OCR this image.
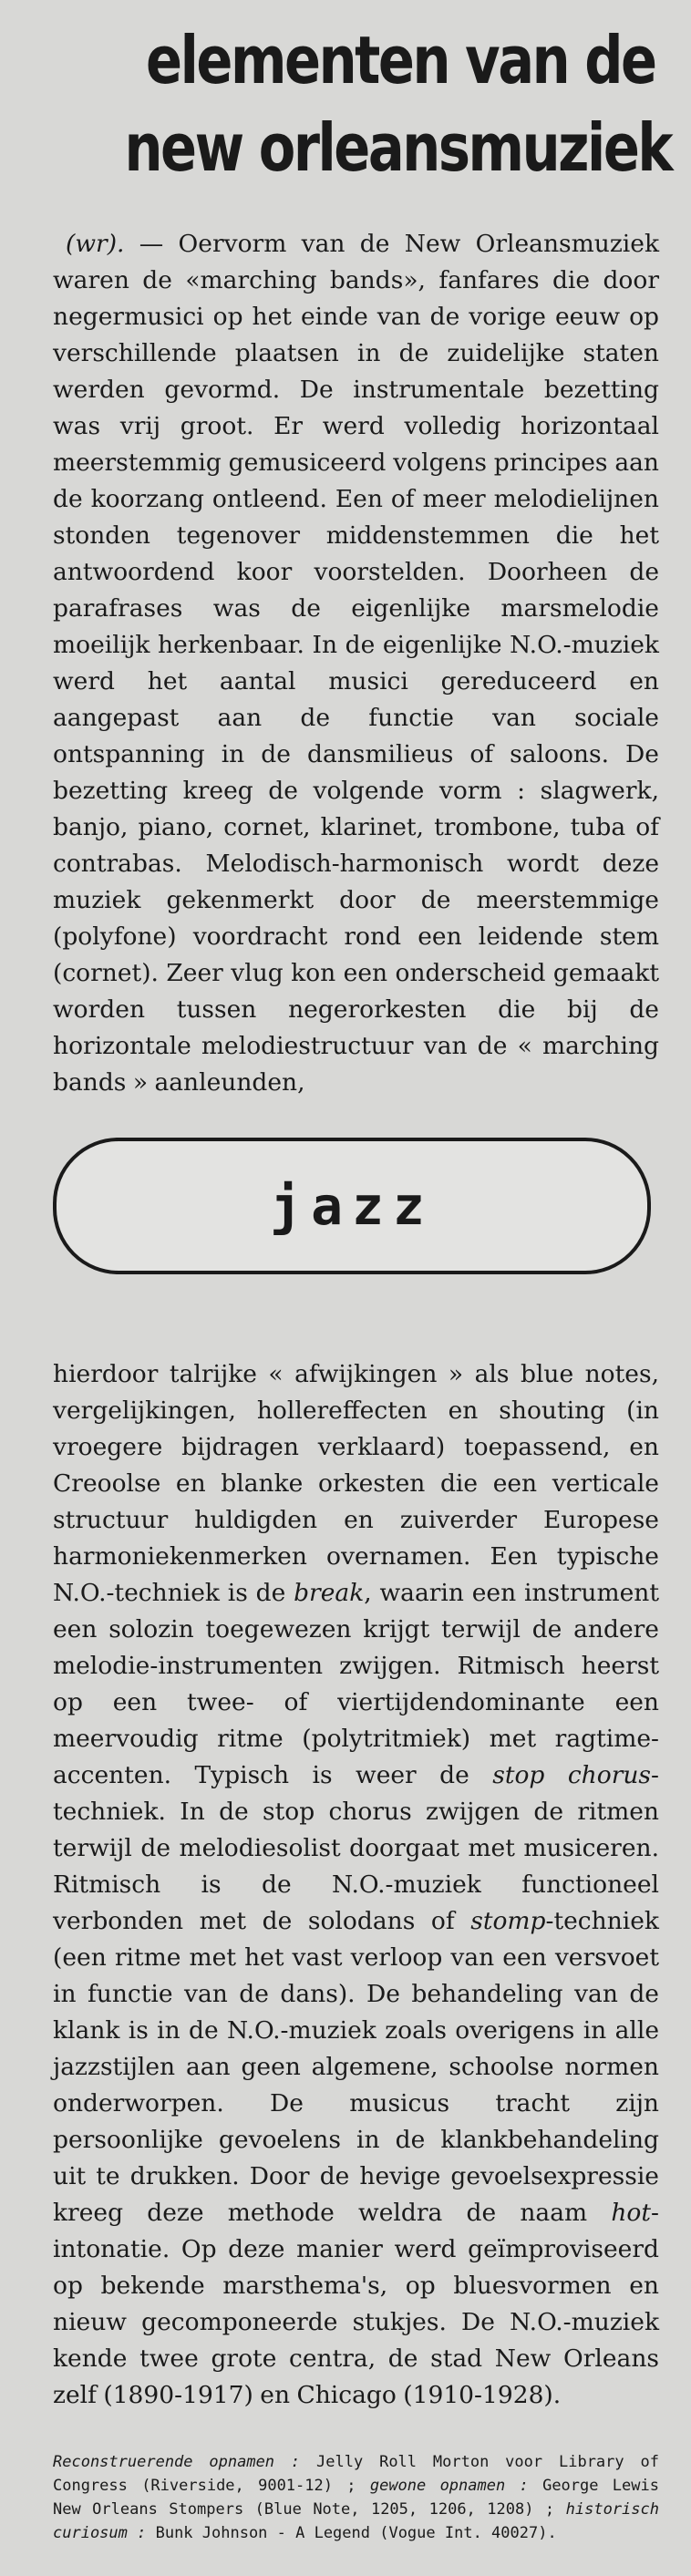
elementen van de
new orleansmuziek

(wr). — Oervorm van de New Orleansmuziek waren de «marching bands», fanfares die door negermusici op het einde van de vorige eeuw op verschillende plaatsen in de zuidelijke staten werden gevormd. De instrumentale bezetting was vrij groot. Er werd volledig horizontaal meerstemmig gemusiceerd volgens principes aan de koorzang ontleend. Een of meer melodielijnen stonden tegenover middenstemmen die het antwoordend koor voorstelden. Doorheen de parafrases was de eigenlijke marsmelodie moeilijk herkenbaar. In de eigenlijke N.O.-muziek werd het aantal musici gereduceerd en aangepast aan de functie van sociale ontspanning in de dansmilieus of saloons. De bezetting kreeg de volgende vorm : slagwerk, banjo, piano, cornet, klarinet, trombone, tuba of contrabas. Melodisch-harmonisch wordt deze muziek gekenmerkt door de meerstemmige (polyfone) voordracht rond een leidende stem (cornet). Zeer vlug kon een onderscheid gemaakt worden tussen negerorkesten die bij de horizontale melodiestructuur van de « marching bands » aanleunden,

jazz

hierdoor talrijke « afwijkingen » als blue notes, vergelijkingen, hollereffecten en shouting (in vroegere bijdragen verklaard) toepassend, en Creoolse en blanke orkesten die een verticale structuur huldigden en zuiverder Europese harmoniekenmerken overnamen. Een typische N.O.-techniek is de break, waarin een instrument een solozin toegewezen krijgt terwijl de andere melodie-instrumenten zwijgen. Ritmisch heerst op een twee- of viertijdendominante een meervoudig ritme (polytritmiek) met ragtime-accenten. Typisch is weer de stop chorus-techniek. In de stop chorus zwijgen de ritmen terwijl de melodiesolist doorgaat met musiceren. Ritmisch is de N.O.-muziek functioneel verbonden met de solodans of stomp-techniek (een ritme met het vast verloop van een versvoet in functie van de dans). De behandeling van de klank is in de N.O.-muziek zoals overigens in alle jazzstijlen aan geen algemene, schoolse normen onderworpen. De musicus tracht zijn persoonlijke gevoelens in de klankbehandeling uit te drukken. Door de hevige gevoelsexpressie kreeg deze methode weldra de naam hot-intonatie. Op deze manier werd geïmproviseerd op bekende marsthema's, op bluesvormen en nieuw gecomponeerde stukjes. De N.O.-muziek kende twee grote centra, de stad New Orleans zelf (1890-1917) en Chicago (1910-1928).

Reconstruerende opnamen : Jelly Roll Morton voor Library of Congress (Riverside, 9001-12) ; gewone opnamen : George Lewis New Orleans Stompers (Blue Note, 1205, 1206, 1208) ; historisch curiosum : Bunk Johnson - A Legend (Vogue Int. 40027).
